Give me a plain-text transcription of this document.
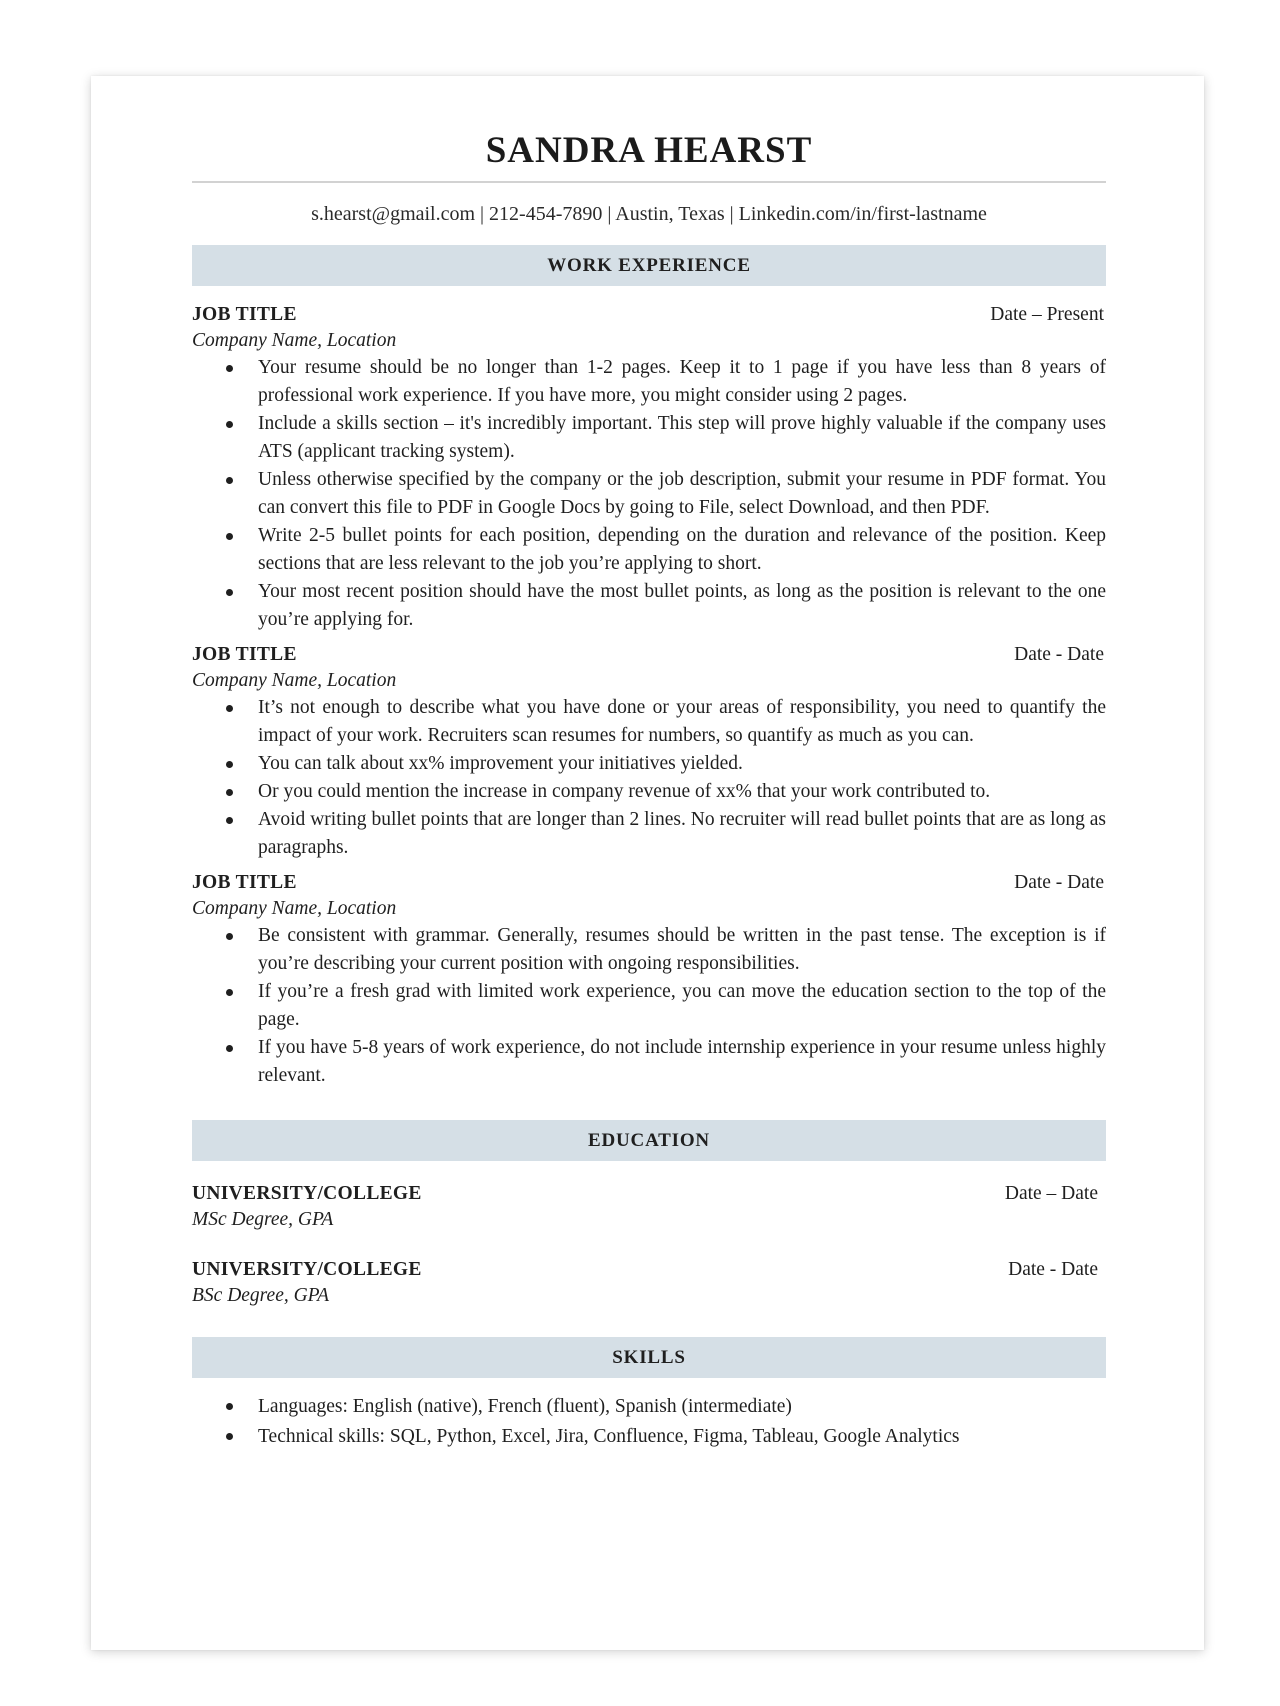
SANDRA HEARST
s.hearst@gmail.com | 212-454-7890 | Austin, Texas | Linkedin.com/in/first-lastname
WORK EXPERIENCE
JOB TITLE	Date – Present
Company Name, Location
Your resume should be no longer than 1-2 pages. Keep it to 1 page if you have less than 8 years of professional work experience. If you have more, you might consider using 2 pages.
Include a skills section – it's incredibly important. This step will prove highly valuable if the company uses ATS (applicant tracking system).
Unless otherwise specified by the company or the job description, submit your resume in PDF format. You can convert this file to PDF in Google Docs by going to File, select Download, and then PDF.
Write 2-5 bullet points for each position, depending on the duration and relevance of the position. Keep sections that are less relevant to the job you’re applying to short.
Your most recent position should have the most bullet points, as long as the position is relevant to the one you’re applying for.
JOB TITLE	Date - Date
Company Name, Location
It’s not enough to describe what you have done or your areas of responsibility, you need to quantify the impact of your work. Recruiters scan resumes for numbers, so quantify as much as you can.
You can talk about xx% improvement your initiatives yielded.
Or you could mention the increase in company revenue of xx% that your work contributed to.
Avoid writing bullet points that are longer than 2 lines. No recruiter will read bullet points that are as long as paragraphs.
JOB TITLE	Date - Date
Company Name, Location
Be consistent with grammar. Generally, resumes should be written in the past tense. The exception is if you’re describing your current position with ongoing responsibilities.
If you’re a fresh grad with limited work experience, you can move the education section to the top of the page.
If you have 5-8 years of work experience, do not include internship experience in your resume unless highly relevant.
EDUCATION
UNIVERSITY/COLLEGE	Date – Date
MSc Degree, GPA
UNIVERSITY/COLLEGE	Date - Date
BSc Degree, GPA
SKILLS
Languages: English (native), French (fluent), Spanish (intermediate)
Technical skills: SQL, Python, Excel, Jira, Confluence, Figma, Tableau, Google Analytics
